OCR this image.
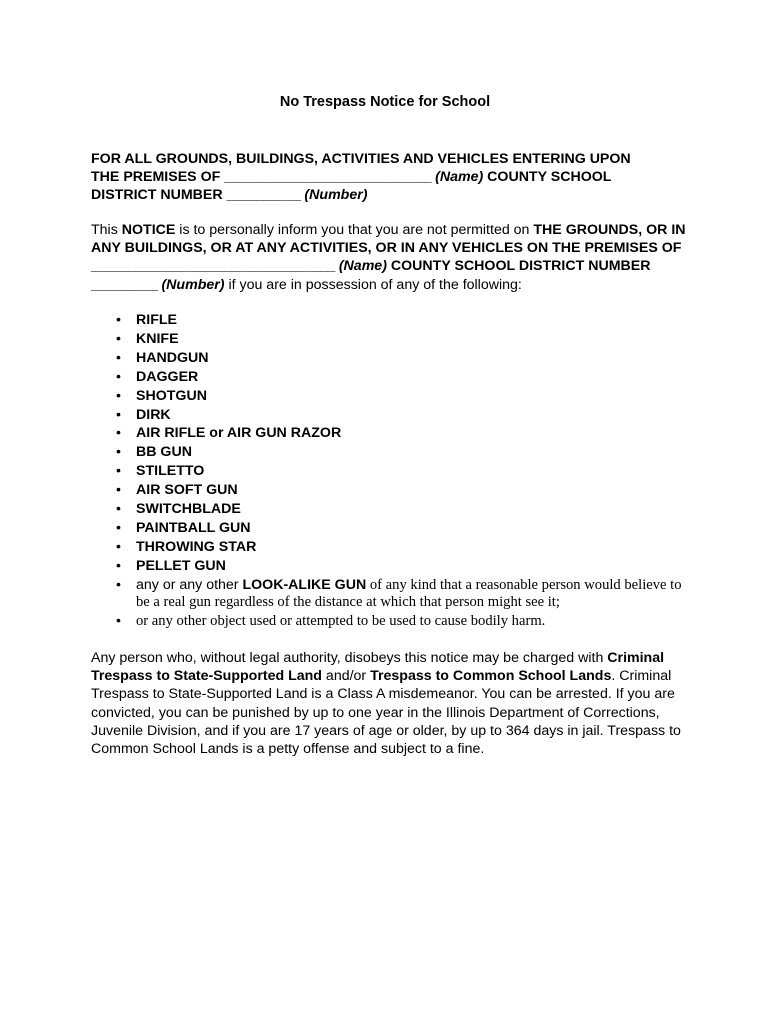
No Trespass Notice for School
FOR ALL GROUNDS, BUILDINGS, ACTIVITIES AND VEHICLES ENTERING UPON
THE PREMISES OF ____________________________ (Name) COUNTY SCHOOL
DISTRICT NUMBER __________ (Number)
This NOTICE is to personally inform you that you are not permitted on THE GROUNDS, OR IN ANY BUILDINGS, OR AT ANY ACTIVITIES, OR IN ANY VEHICLES ON THE PREMISES OF _________________________________ (Name) COUNTY SCHOOL DISTRICT NUMBER _________ (Number) if you are in possession of any of the following:
• RIFLE
• KNIFE
• HANDGUN
• DAGGER
• SHOTGUN
• DIRK
• AIR RIFLE or AIR GUN RAZOR
• BB GUN
• STILETTO
• AIR SOFT GUN
• SWITCHBLADE
• PAINTBALL GUN
• THROWING STAR
• PELLET GUN
• any or any other LOOK-ALIKE GUN of any kind that a reasonable person would believe to be a real gun regardless of the distance at which that person might see it;
• or any other object used or attempted to be used to cause bodily harm.
Any person who, without legal authority, disobeys this notice may be charged with Criminal Trespass to State-Supported Land and/or Trespass to Common School Lands. Criminal Trespass to State-Supported Land is a Class A misdemeanor. You can be arrested. If you are convicted, you can be punished by up to one year in the Illinois Department of Corrections, Juvenile Division, and if you are 17 years of age or older, by up to 364 days in jail. Trespass to Common School Lands is a petty offense and subject to a fine.
